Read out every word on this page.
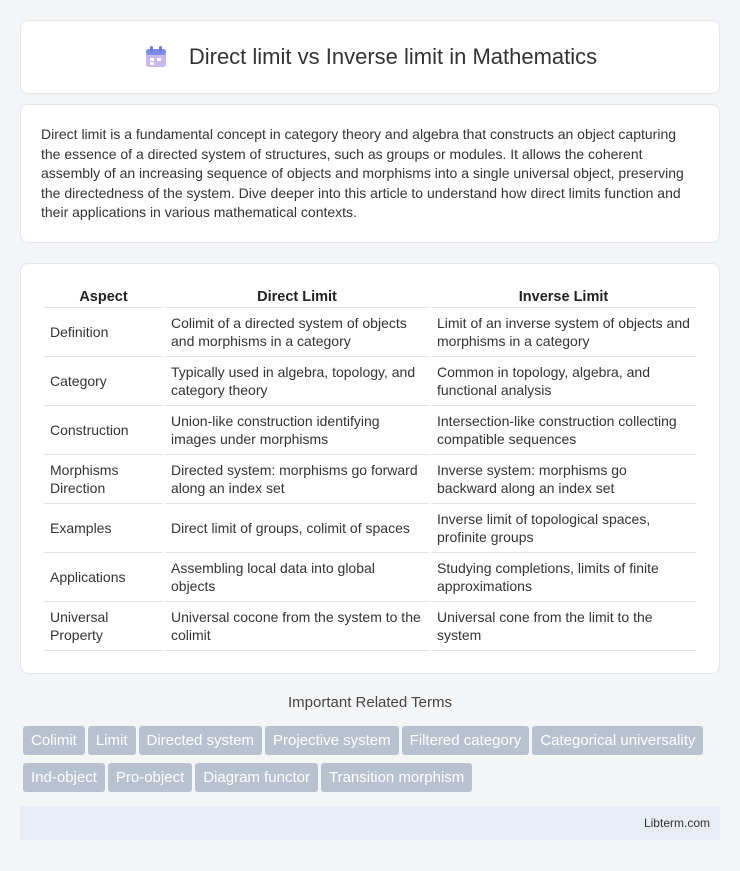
Direct limit vs Inverse limit in Mathematics

Direct limit is a fundamental concept in category theory and algebra that constructs an object capturing the essence of a directed system of structures, such as groups or modules. It allows the coherent assembly of an increasing sequence of objects and morphisms into a single universal object, preserving the directedness of the system. Dive deeper into this article to understand how direct limits function and their applications in various mathematical contexts.

Aspect	Direct Limit	Inverse Limit
Definition	Colimit of a directed system of objects and morphisms in a category	Limit of an inverse system of objects and morphisms in a category
Category	Typically used in algebra, topology, and category theory	Common in topology, algebra, and functional analysis
Construction	Union-like construction identifying images under morphisms	Intersection-like construction collecting compatible sequences
Morphisms Direction	Directed system: morphisms go forward along an index set	Inverse system: morphisms go backward along an index set
Examples	Direct limit of groups, colimit of spaces	Inverse limit of topological spaces, profinite groups
Applications	Assembling local data into global objects	Studying completions, limits of finite approximations
Universal Property	Universal cocone from the system to the colimit	Universal cone from the limit to the system
Important Related Terms
Colimit Limit Directed system Projective system Filtered category Categorical universalityInd-object Pro-object Diagram functor Transition morphism
Libterm.com
